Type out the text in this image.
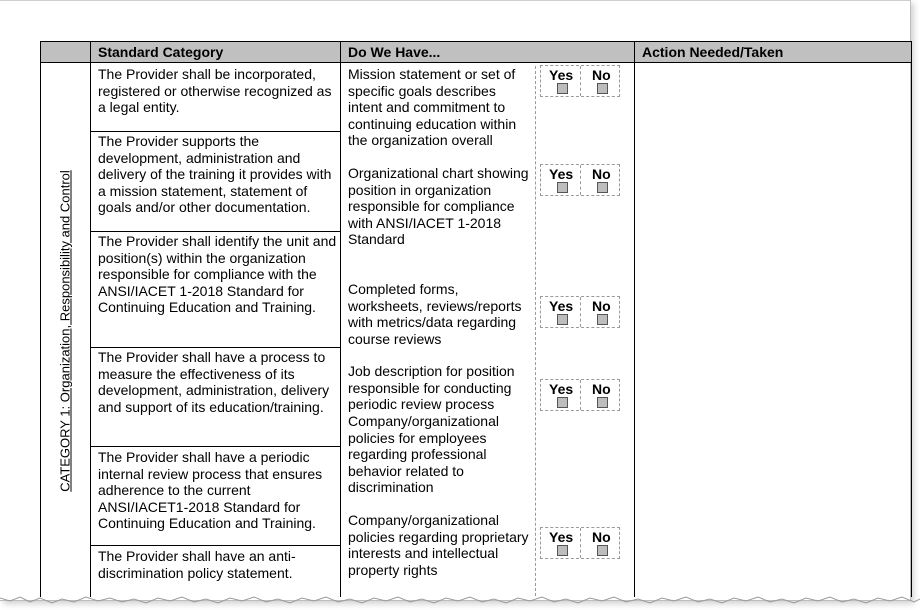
Standard Category	Do We Have...	Action Needed/Taken
CATEGORY 1: Organization, Responsibility and Control
The Provider shall be incorporated, registered or otherwise recognized as a legal entity.
The Provider supports the development, administration and delivery of the training it provides with a mission statement, statement of goals and/or other documentation.
The Provider shall identify the unit and position(s) within the organization responsible for compliance with the ANSI/IACET 1-2018 Standard for Continuing Education and Training.
The Provider shall have a process to measure the effectiveness of its development, administration, delivery and support of its education/training.
The Provider shall have a periodic internal review process that ensures adherence to the current ANSI/IACET1-2018 Standard for Continuing Education and Training.
The Provider shall have an anti-discrimination policy statement.
Mission statement or set of specific goals describes intent and commitment to continuing education within the organization overall
Organizational chart showing position in organization responsible for compliance with ANSI/IACET 1-2018 Standard
Completed forms, worksheets, reviews/reports with metrics/data regarding course reviews
Job description for position responsible for conducting periodic review process
Company/organizational policies for employees regarding professional behavior related to discrimination
Company/organizational policies regarding proprietary interests and intellectual property rights
Yes No
Yes No
Yes No
Yes No
Yes No
